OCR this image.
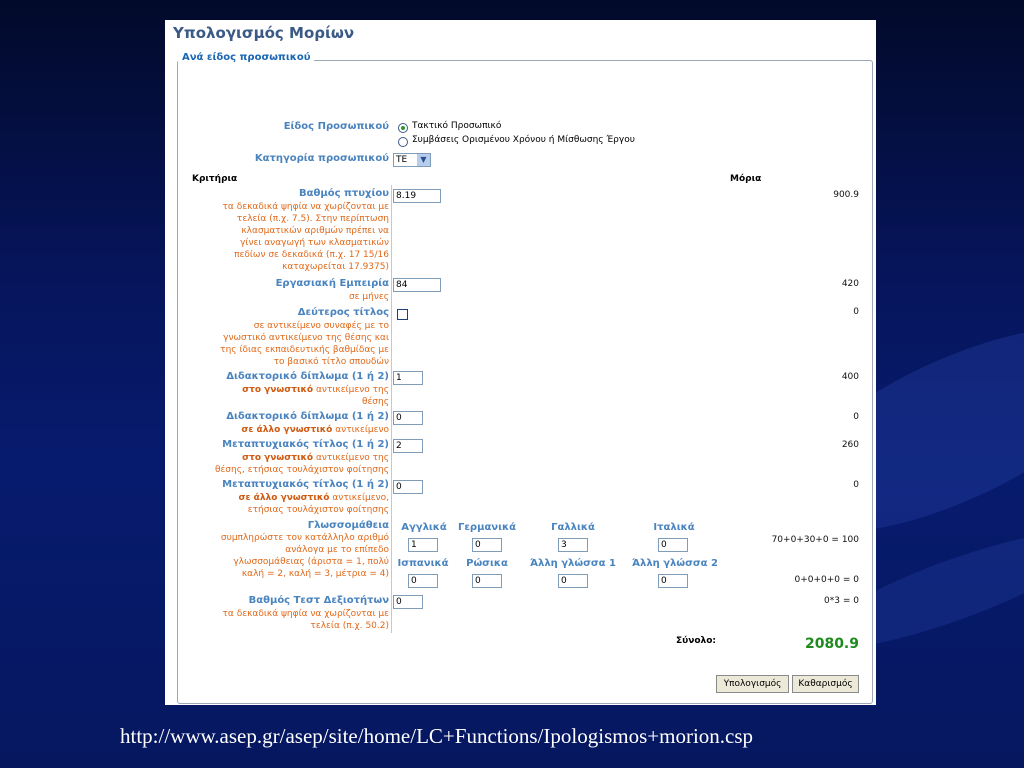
Υπολογισμός Μορίων
Ανά είδος προσωπικού
Είδος Προσωπικού	Τακτικό Προσωπικό
Συμβάσεις Ορισμένου Χρόνου ή Μίσθωσης Έργου
Κατηγορία προσωπικού ΤΕ	▼
Κριτήρια	Μόρια
Βαθμός πτυχίου
τα δεκαδικά ψηφία να χωρίζονται με
τελεία (π.χ. 7.5). Στην περίπτωση
κλασματικών αριθμών πρέπει να
γίνει αναγωγή των κλασματικών
πεδίων σε δεκαδικά (π.χ. 17 15/16
καταχωρείται 17.9375)
8.19	900.9
Εργασιακή Εμπειρία
σε μήνες
84	420
Δεύτερος τίτλος
σε αντικείμενο συναφές με το
γνωστικό αντικείμενο της θέσης και
της ίδιας εκπαιδευτικής βαθμίδας με
το βασικό τίτλο σπουδών
0
Διδακτορικό δίπλωμα (1 ή 2)
στο γνωστικό αντικείμενο της
θέσης
1	400
Διδακτορικό δίπλωμα (1 ή 2)
σε άλλο γνωστικό αντικείμενο
0	0
Μεταπτυχιακός τίτλος (1 ή 2)
στο γνωστικό αντικείμενο της
θέσης, ετήσιας τουλάχιστον φοίτησης
2	260
Μεταπτυχιακός τίτλος (1 ή 2)
σε άλλο γνωστικό αντικείμενο,
ετήσιας τουλάχιστον φοίτησης
0	0
Γλωσσομάθεια
συμπληρώστε τον κατάλληλο αριθμό
ανάλογα με το επίπεδο
γλωσσομάθειας (άριστα = 1, πολύ
καλή = 2, καλή = 3, μέτρια = 4)
Αγγλικά	Γερμανικά	Γαλλικά	Ιταλικά
1	0	3	0	70+0+30+0 = 100
Ισπανικά	Ρώσικα	Άλλη γλώσσα 1	Άλλη γλώσσα 2
0	0	0	0	0+0+0+0 = 0
Βαθμός Τεστ Δεξιοτήτων
τα δεκαδικά ψηφία να χωρίζονται με
τελεία (π.χ. 50.2)
0	0*3 = 0
Σύνολο:	2080.9
Υπολογισμός	Καθαρισμός
http://www.asep.gr/asep/site/home/LC+Functions/Ipologismos+morion.csp
